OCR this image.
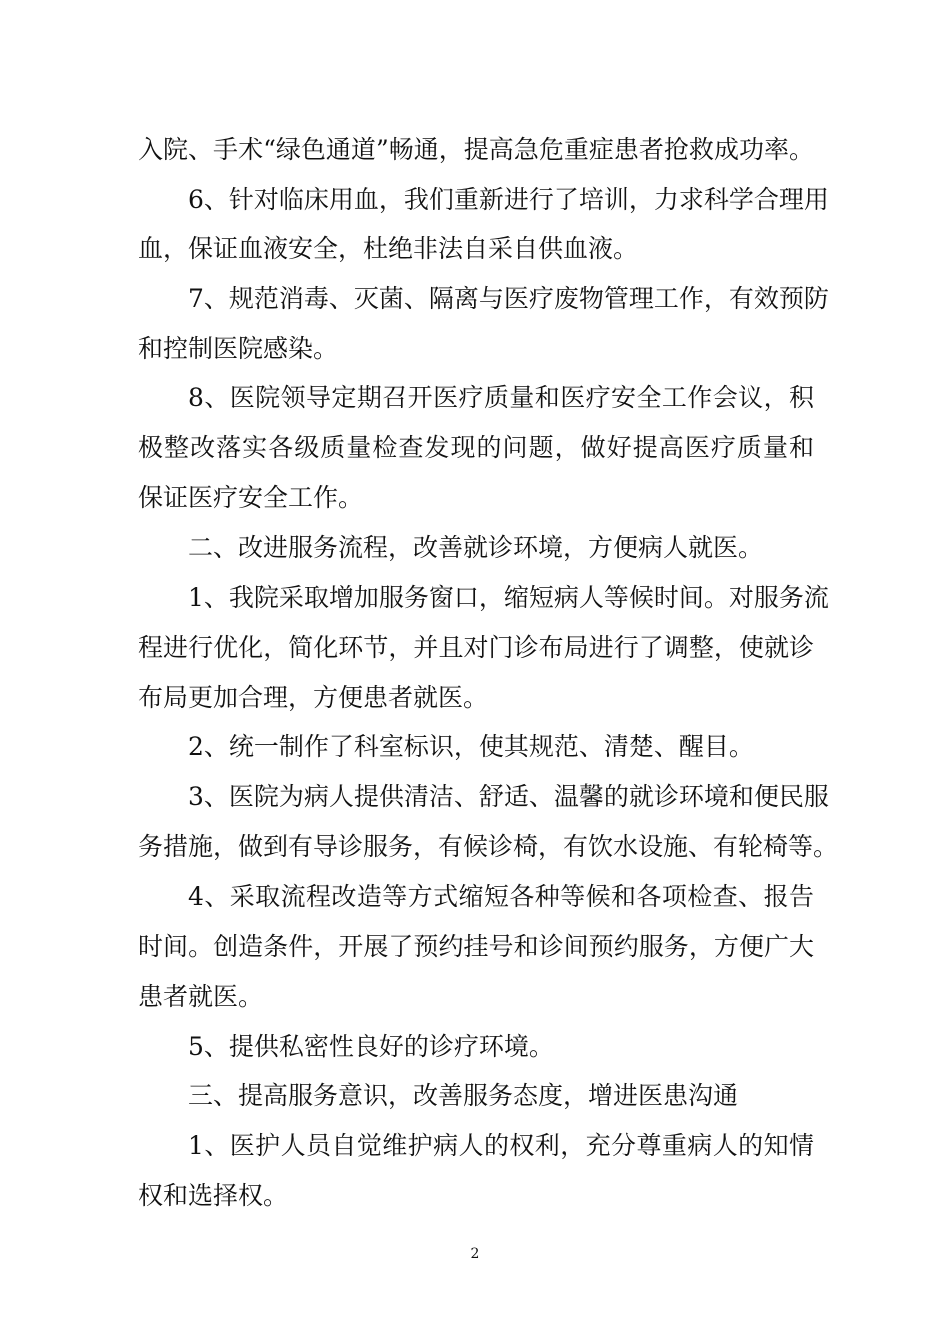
入院、手术“绿色通道”畅通，提高急危重症患者抢救成功率。
6、针对临床用血，我们重新进行了培训，力求科学合理用
血，保证血液安全，杜绝非法自采自供血液。
7、规范消毒、灭菌、隔离与医疗废物管理工作，有效预防
和控制医院感染。
8、医院领导定期召开医疗质量和医疗安全工作会议，积
极整改落实各级质量检查发现的问题，做好提高医疗质量和
保证医疗安全工作。
二、改进服务流程，改善就诊环境，方便病人就医。
1、我院采取增加服务窗口，缩短病人等候时间。对服务流
程进行优化，简化环节，并且对门诊布局进行了调整，使就诊
布局更加合理，方便患者就医。
2、统一制作了科室标识，使其规范、清楚、醒目。
3、医院为病人提供清洁、舒适、温馨的就诊环境和便民服
务措施，做到有导诊服务，有候诊椅，有饮水设施、有轮椅等。
4、采取流程改造等方式缩短各种等候和各项检查、报告
时间。创造条件，开展了预约挂号和诊间预约服务，方便广大
患者就医。
5、提供私密性良好的诊疗环境。
三、提高服务意识，改善服务态度，增进医患沟通
1、医护人员自觉维护病人的权利，充分尊重病人的知情
权和选择权。
2
